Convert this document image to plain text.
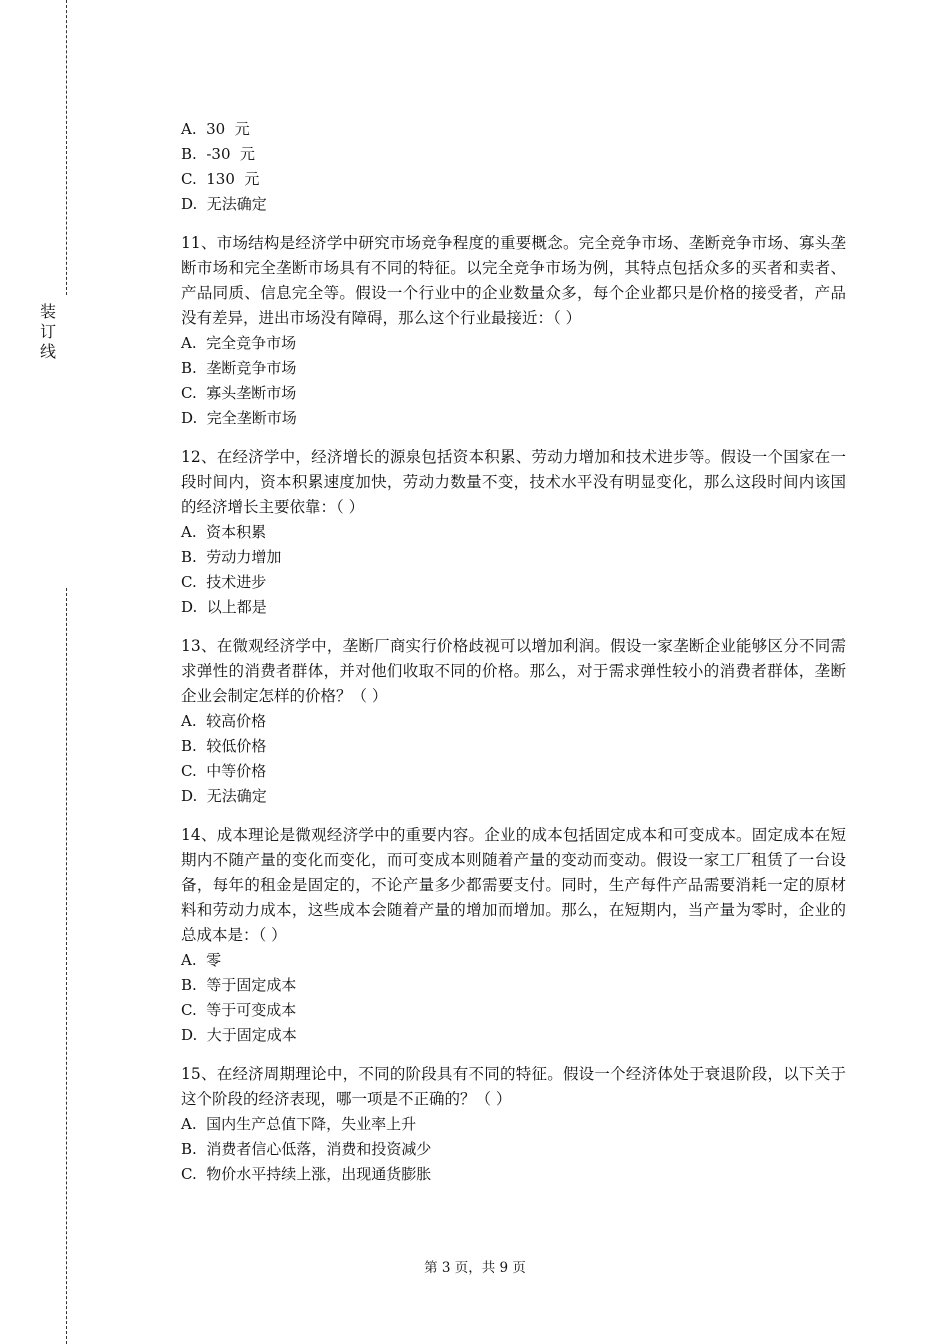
装订线

A.  30  元

B.  -30  元

C.  130  元

D.  无法确定

11、市场结构是经济学中研究市场竞争程度的重要概念。完全竞争市场、垄断竞争市场、寡头垄断市场和完全垄断市场具有不同的特征。以完全竞争市场为例，其特点包括众多的买者和卖者、产品同质、信息完全等。假设一个行业中的企业数量众多，每个企业都只是价格的接受者，产品没有差异，进出市场没有障碍，那么这个行业最接近：（ ）

A.  完全竞争市场

B.  垄断竞争市场

C.  寡头垄断市场

D.  完全垄断市场

12、在经济学中，经济增长的源泉包括资本积累、劳动力增加和技术进步等。假设一个国家在一段时间内，资本积累速度加快，劳动力数量不变，技术水平没有明显变化，那么这段时间内该国的经济增长主要依靠：（ ）

A.  资本积累

B.  劳动力增加

C.  技术进步

D.  以上都是

13、在微观经济学中，垄断厂商实行价格歧视可以增加利润。假设一家垄断企业能够区分不同需求弹性的消费者群体，并对他们收取不同的价格。那么，对于需求弹性较小的消费者群体，垄断企业会制定怎样的价格？（ ）

A.  较高价格

B.  较低价格

C.  中等价格

D.  无法确定

14、成本理论是微观经济学中的重要内容。企业的成本包括固定成本和可变成本。固定成本在短期内不随产量的变化而变化，而可变成本则随着产量的变动而变动。假设一家工厂租赁了一台设备，每年的租金是固定的，不论产量多少都需要支付。同时，生产每件产品需要消耗一定的原材料和劳动力成本，这些成本会随着产量的增加而增加。那么，在短期内，当产量为零时，企业的总成本是：（ ）

A.  零

B.  等于固定成本

C.  等于可变成本

D.  大于固定成本

15、在经济周期理论中，不同的阶段具有不同的特征。假设一个经济体处于衰退阶段，以下关于这个阶段的经济表现，哪一项是不正确的？（ ）

A.  国内生产总值下降，失业率上升

B.  消费者信心低落，消费和投资减少

C.  物价水平持续上涨，出现通货膨胀

第 3 页，共 9 页
